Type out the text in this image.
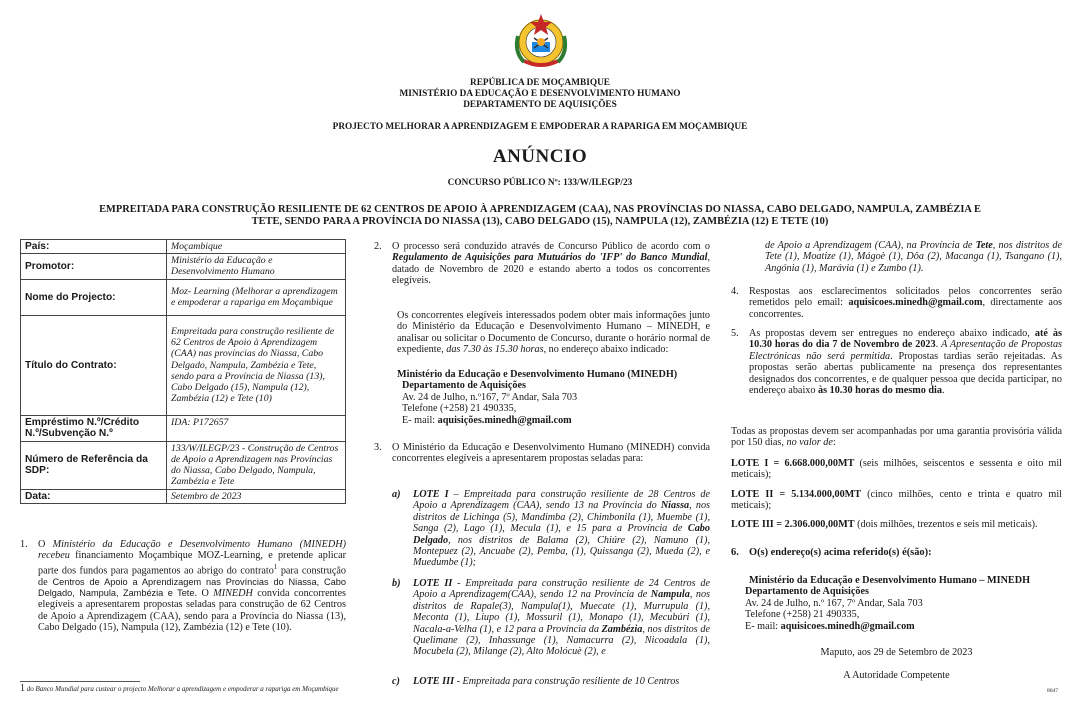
REPÚBLICA DE MOÇAMBIQUE
MINISTÉRIO DA EDUCAÇÃO E DESENVOLVIMENTO HUMANO
DEPARTAMENTO DE AQUISIÇÕES
PROJECTO MELHORAR A APRENDIZAGEM E EMPODERAR A RAPARIGA EM MOÇAMBIQUE
ANÚNCIO
CONCURSO PÚBLICO Nº: 133/W/ILEGP/23
EMPREITADA PARA CONSTRUÇÃO RESILIENTE DE 62 CENTROS DE APOIO À APRENDIZAGEM (CAA), NAS PROVÍNCIAS DO NIASSA, CABO DELGADO, NAMPULA, ZAMBÉZIA E TETE, SENDO PARA A PROVÍNCIA DO NIASSA (13), CABO DELGADO (15), NAMPULA (12), ZAMBÉZIA (12) E TETE (10)
País:	Moçambique
Promotor:	Ministério da Educação e Desenvolvimento Humano
Nome do Projecto:	Moz- Learning (Melhorar a aprendizagem e empoderar a rapariga em Moçambique
Título do Contrato:	Empreitada para construção resiliente de 62 Centros de Apoio à Aprendizagem (CAA) nas províncias do Niassa, Cabo Delgado, Nampula, Zambézia e Tete, sendo para a Província de Niassa (13), Cabo Delgado (15), Nampula (12), Zambézia (12) e Tete (10)
Empréstimo N.º/Crédito N.º/Subvenção N.º	IDA: P172657
Número de Referência da SDP:	133/W/ILEGP/23 - Construção de Centros de Apoio a Aprendizagem nas Províncias do Niassa, Cabo Delgado, Nampula, Zambézia e Tete
Data:	Setembro de 2023
1. O Ministério da Educação e Desenvolvimento Humano (MINEDH) recebeu financiamento Moçambique MOZ-Learning, e pretende aplicar parte dos fundos para pagamentos ao abrigo do contrato$^1$ para construção de Centros de Apoio a Aprendizagem nas Províncias do Niassa, Cabo Delgado, Nampula, Zambézia e Tete. O MINEDH convida concorrentes elegíveis a apresentarem propostas seladas para construção de 62 Centros de Apoio a Aprendizagem (CAA), sendo para a Província do Niassa (13), Cabo Delgado (15), Nampula (12), Zambézia (12) e Tete (10).
1 do Banco Mundial para custear o projecto Melhorar a aprendizagem e empoderar a rapariga em Moçambique
2. O processo será conduzido através de Concurso Público de acordo com o Regulamento de Aquisições para Mutuários do 'IFP' do Banco Mundial, datado de Novembro de 2020 e estando aberto a todos os concorrentes elegíveis.
Os concorrentes elegíveis interessados podem obter mais informações junto do Ministério da Educação e Desenvolvimento Humano – MINEDH, e analisar ou solicitar o Documento de Concurso, durante o horário normal de expediente, das 7.30 às 15.30 horas, no endereço abaixo indicado:

Ministério da Educação e Desenvolvimento Humano (MINEDH)

Departamento de Aquisições

Av. 24 de Julho, n.º167, 7º Andar, Sala 703

Telefone (+258) 21 490335,

E- mail: aquisições.minedh@gmail.com

3. O Ministério da Educação e Desenvolvimento Humano (MINEDH) convida concorrentes elegíveis a apresentarem propostas seladas para:
a) LOTE I – Empreitada para construção resiliente de 28 Centros de Apoio a Aprendizagem (CAA), sendo 13 na Província do Niassa, nos distritos de Lichinga (5), Mandimba (2), Chimbonila (1), Muembe (1), Sanga (2), Lago (1), Mecula (1), e 15 para a Província de Cabo Delgado, nos distritos de Balama (2), Chiúre (2), Namuno (1), Montepuez (2), Ancuabe (2), Pemba, (1), Quissanga (2), Mueda (2), e Muedumbe (1);
b) LOTE II - Empreitada para construção resiliente de 24 Centros de Apoio a Aprendizagem(CAA), sendo 12 na Província de Nampula, nos distritos de Rapale(3), Nampula(1), Muecate (1), Murrupula (1), Meconta (1), Liupo (1), Mossuril (1), Monapo (1), Mecubúri (1), Nacala-a-Velha (1), e 12 para a Província da Zambézia, nos distritos de Quelimane (2), Inhassunge (1), Namacurra (2), Nicoadala (1), Mocubela (2), Milange (2), Alto Molócuè (2), e
c) LOTE III - Empreitada para construção resiliente de 10 Centros
de Apoio a Aprendizagem (CAA), na Província de Tete, nos distritos de Tete (1), Moatize (1), Mágoè (1), Dôa (2), Macanga (1), Tsangano (1), Angónia (1), Marávia (1) e Zumbo (1).
4. Respostas aos esclarecimentos solicitados pelos concorrentes serão remetidos pelo email: aquisicoes.minedh@gmail.com, directamente aos concorrentes.
5. As propostas devem ser entregues no endereço abaixo indicado, até às 10.30 horas do dia 7 de Novembro de 2023. A Apresentação de Propostas Electrónicas não será permitida. Propostas tardias serão rejeitadas. As propostas serão abertas publicamente na presença dos representantes designados dos concorrentes, e de qualquer pessoa que decida participar, no endereço abaixo às 10.30 horas do mesmo dia.
Todas as propostas devem ser acompanhadas por uma garantia provisória válida por 150 dias, no valor de:
LOTE I = 6.668.000,00MT (seis milhões, seiscentos e sessenta e oito mil meticais);
LOTE II = 5.134.000,00MT (cinco milhões, cento e trinta e quatro mil meticais);
LOTE III = 2.306.000,00MT (dois milhões, trezentos e seis mil meticais).
6. O(s) endereço(s) acima referido(s) é(são):

Ministério da Educação e Desenvolvimento Humano – MINEDH

Departamento de Aquisições

Av. 24 de Julho, n.º 167, 7º Andar, Sala 703

Telefone (+258) 21 490335,

E- mail: aquisicoes.minedh@gmail.com

Maputo, aos 29 de Setembro de 2023
A Autoridade Competente
8047
